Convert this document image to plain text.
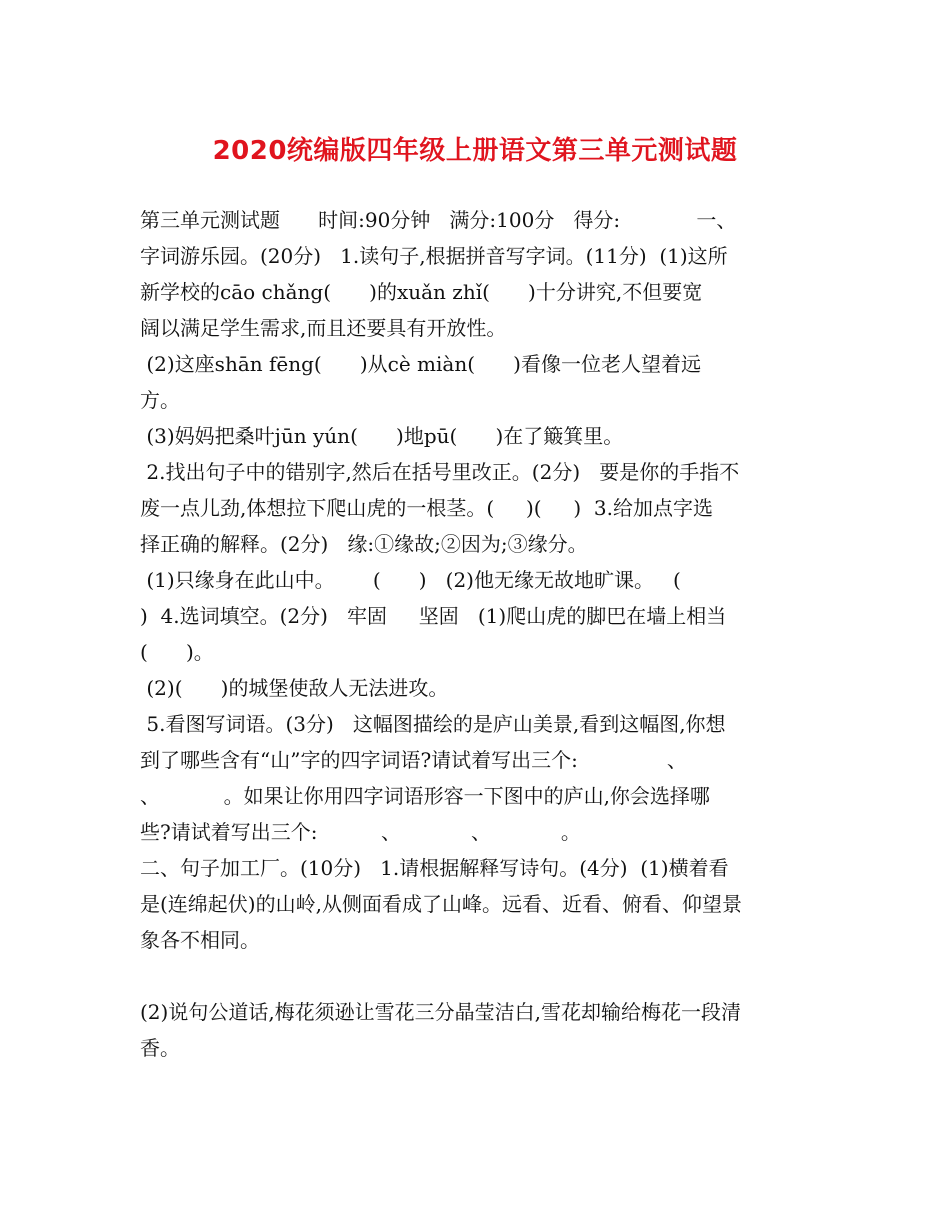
2020统编版四年级上册语文第三单元测试题

第三单元测试题      时间:90分钟   满分:100分   得分:            一、

字词游乐园。(20分)   1.读句子,根据拼音写字词。(11分)  (1)这所

新学校的cāo chǎng(      )的xuǎn zhǐ(      )十分讲究,不但要宽

阔以满足学生需求,而且还要具有开放性。

(2)这座shān fēng(      )从cè miàn(      )看像一位老人望着远

方。

(3)妈妈把桑叶jūn yún(      )地pū(      )在了簸箕里。

2.找出句子中的错别字,然后在括号里改正。(2分)   要是你的手指不

废一点儿劲,体想拉下爬山虎的一根茎。(     )(     )  3.给加点字选

择正确的解释。(2分)   缘:①缘故;②因为;③缘分。

(1)只缘身在此山中。      (      )   (2)他无缘无故地旷课。   (

)  4.选词填空。(2分)   牢固     坚固   (1)爬山虎的脚巴在墙上相当

(      )。

(2)(      )的城堡使敌人无法进攻。

5.看图写词语。(3分)   这幅图描绘的是庐山美景,看到这幅图,你想

到了哪些含有“山”字的四字词语?请试着写出三个:              、

、          。如果让你用四字词语形容一下图中的庐山,你会选择哪

些?请试着写出三个:          、           、           。

二、句子加工厂。(10分)   1.请根据解释写诗句。(4分)  (1)横着看

是(连绵起伏)的山岭,从侧面看成了山峰。远看、近看、俯看、仰望景

象各不相同。

(2)说句公道话,梅花须逊让雪花三分晶莹洁白,雪花却输给梅花一段清

香。
